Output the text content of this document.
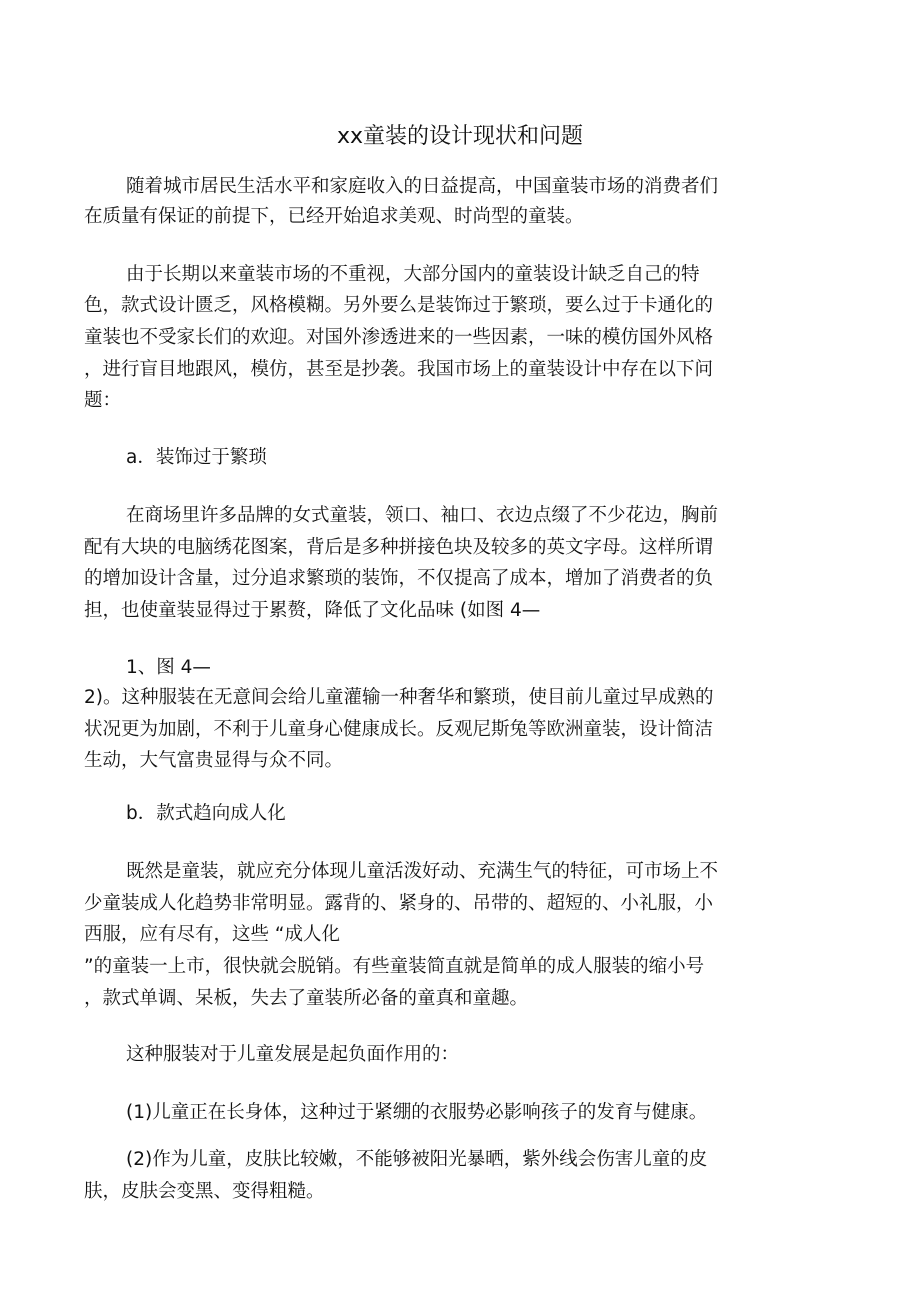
xx童装的设计现状和问题
随着城市居民生活水平和家庭收入的日益提高，中国童装市场的消费者们
在质量有保证的前提下，已经开始追求美观、时尚型的童装。
由于长期以来童装市场的不重视，大部分国内的童装设计缺乏自己的特
色，款式设计匮乏，风格模糊。另外要么是装饰过于繁琐，要么过于卡通化的
童装也不受家长们的欢迎。对国外渗透进来的一些因素，一味的模仿国外风格
，进行盲目地跟风，模仿，甚至是抄袭。我国市场上的童装设计中存在以下问
题：
a．装饰过于繁琐
在商场里许多品牌的女式童装，领口、袖口、衣边点缀了不少花边，胸前
配有大块的电脑绣花图案，背后是多种拼接色块及较多的英文字母。这样所谓
的增加设计含量，过分追求繁琐的装饰，不仅提高了成本，增加了消费者的负
担，也使童装显得过于累赘，降低了文化品味 (如图 4—
1、图 4—
2)。这种服装在无意间会给儿童灌输一种奢华和繁琐，使目前儿童过早成熟的
状况更为加剧，不利于儿童身心健康成长。反观尼斯兔等欧洲童装，设计简洁
生动，大气富贵显得与众不同。
b．款式趋向成人化
既然是童装，就应充分体现儿童活泼好动、充满生气的特征，可市场上不
少童装成人化趋势非常明显。露背的、紧身的、吊带的、超短的、小礼服，小
西服，应有尽有，这些 “成人化
”的童装一上市，很快就会脱销。有些童装简直就是简单的成人服装的缩小号
，款式单调、呆板，失去了童装所必备的童真和童趣。
这种服装对于儿童发展是起负面作用的：
(1)儿童正在长身体，这种过于紧绷的衣服势必影响孩子的发育与健康。
(2)作为儿童，皮肤比较嫩，不能够被阳光暴晒，紫外线会伤害儿童的皮
肤，皮肤会变黑、变得粗糙。
